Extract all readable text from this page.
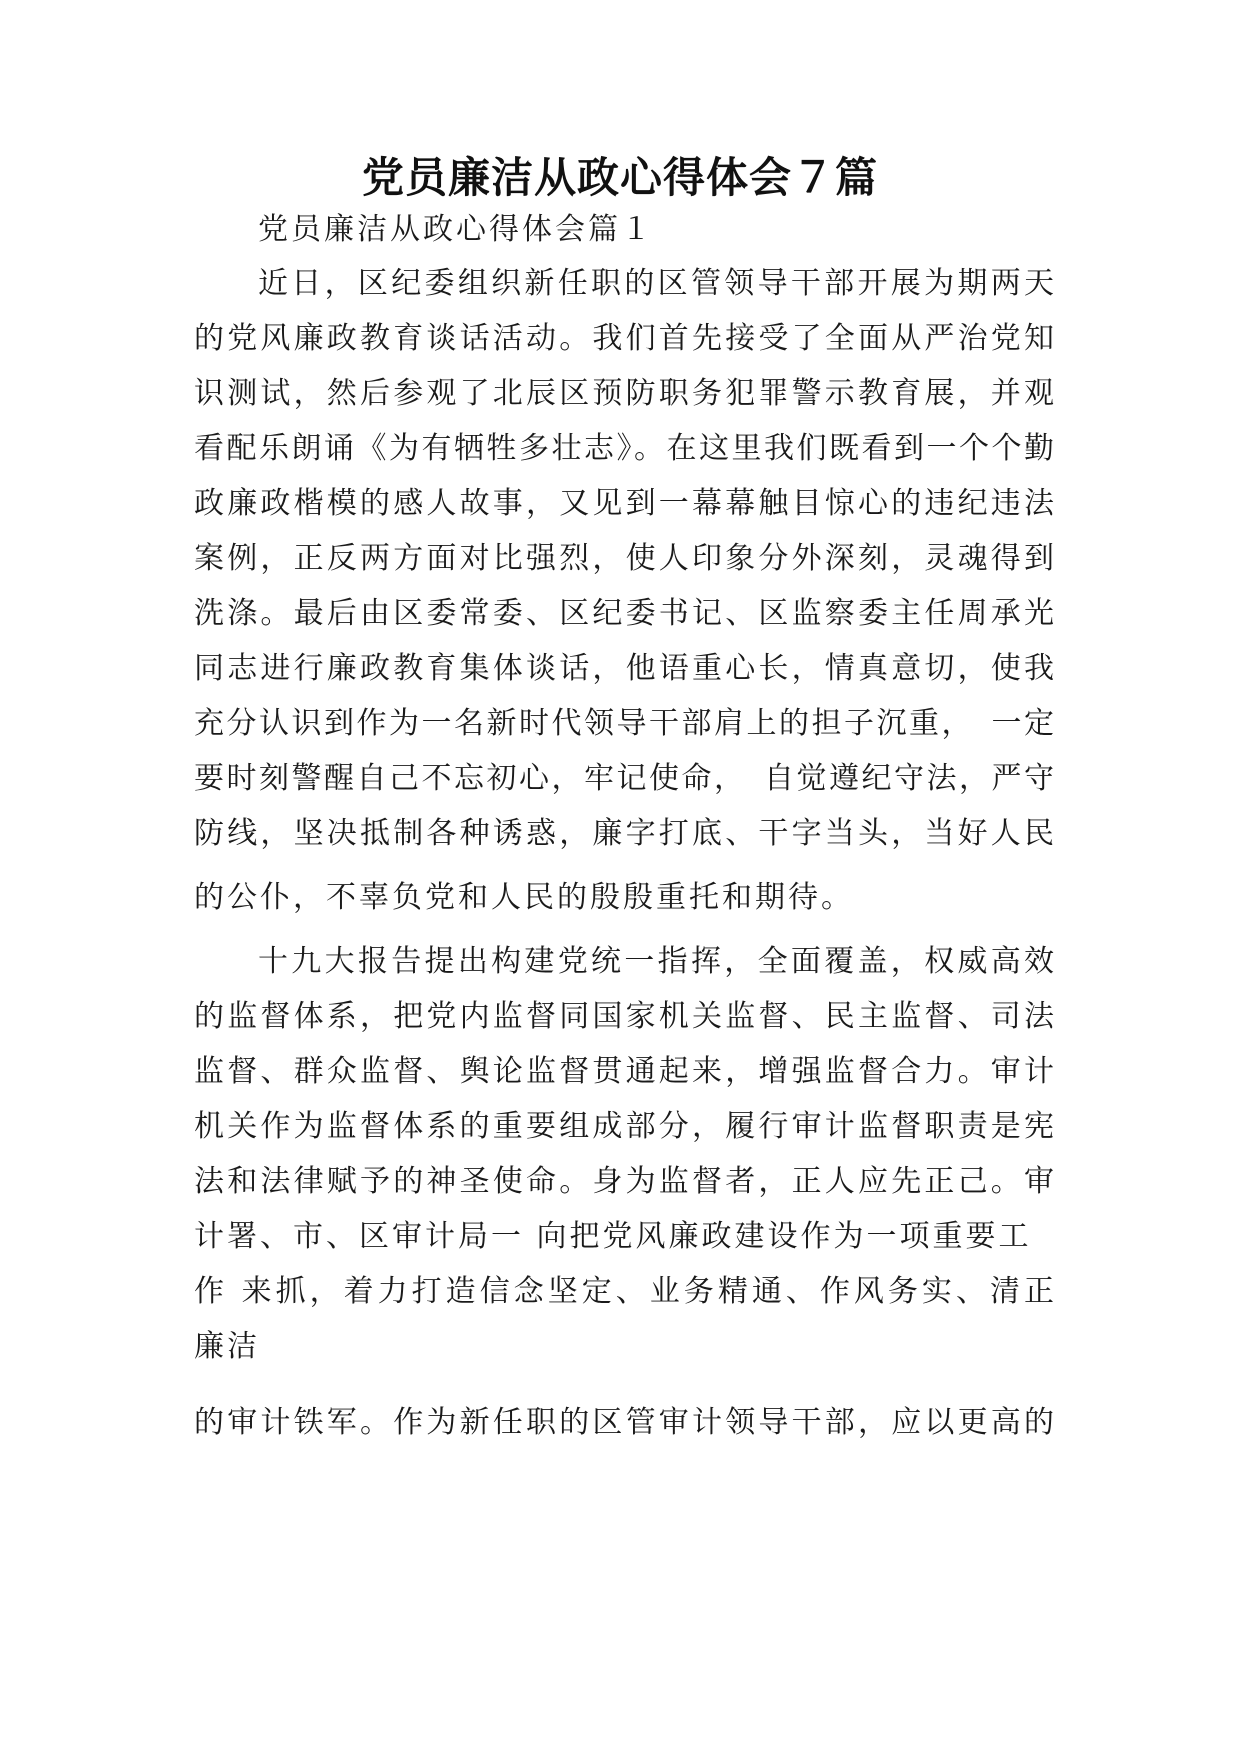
党员廉洁从政心得体会７篇
党员廉洁从政心得体会篇１
近日，区纪委组织新任职的区管领导干部开展为期两天
的党风廉政教育谈话活动。我们首先接受了全面从严治党知
识测试，然后参观了北辰区预防职务犯罪警示教育展，并观
看配乐朗诵《为有牺牲多壮志》。在这里我们既看到一个个勤
政廉政楷模的感人故事，又见到一幕幕触目惊心的违纪违法
案例，正反两方面对比强烈，使人印象分外深刻，灵魂得到
洗涤。最后由区委常委、区纪委书记、区监察委主任周承光
同志进行廉政教育集体谈话，他语重心长，情真意切，使我
充分认识到作为一名新时代领导干部肩上的担子沉重，　一定
要时刻警醒自己不忘初心，牢记使命，　自觉遵纪守法，严守
防线，坚决抵制各种诱惑，廉字打底、干字当头，当好人民
的公仆，不辜负党和人民的殷殷重托和期待。
十九大报告提出构建党统一指挥，全面覆盖，权威高效
的监督体系，把党内监督同国家机关监督、民主监督、司法
监督、群众监督、舆论监督贯通起来，增强监督合力。审计
机关作为监督体系的重要组成部分，履行审计监督职责是宪
法和法律赋予的神圣使命。身为监督者，正人应先正己。审
计署、市、区审计局一 向把党风廉政建设作为一项重要工
作 来抓，着力打造信念坚定、业务精通、作风务实、清正
廉洁
的审计铁军。作为新任职的区管审计领导干部，应以更高的
